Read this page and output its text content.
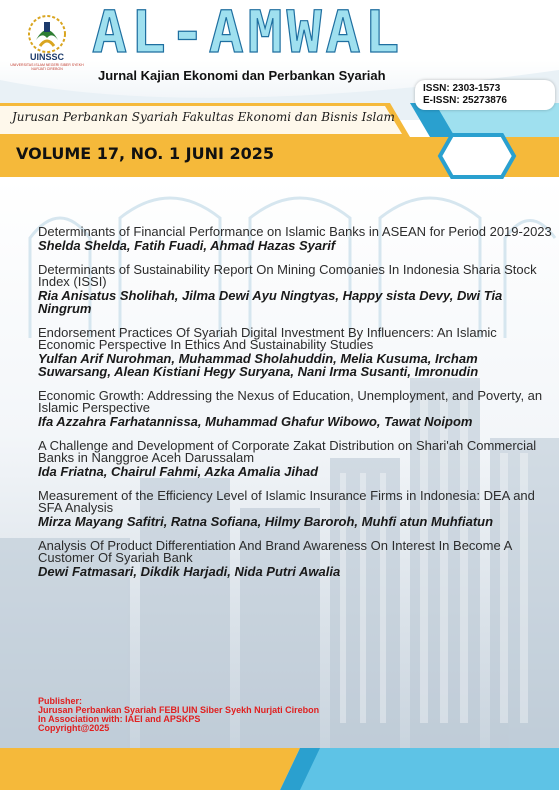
UINSSC
UNIVERSITAS ISLAM NEGERI SIBER SYEKH NURJATI CIREBON
AL-AMWAL
Jurnal Kajian Ekonomi dan Perbankan Syariah
ISSN: 2303-1573
E-ISSN: 25273876
Jurusan Perbankan Syariah Fakultas Ekonomi dan Bisnis Islam
VOLUME 17, NO. 1 JUNI 2025
Determinants of Financial Performance on Islamic Banks in ASEAN for Period 2019-2023
Shelda Shelda, Fatih Fuadi, Ahmad Hazas Syarif
Determinants of Sustainability Report On Mining Comoanies In Indonesia Sharia Stock Index (ISSI)
Ria Anisatus Sholihah, Jilma Dewi Ayu Ningtyas, Happy sista Devy, Dwi Tia Ningrum
Endorsement Practices Of Syariah Digital Investment By Influencers: An Islamic Economic Perspective In Ethics And Sustainability Studies
Yulfan Arif Nurohman, Muhammad Sholahuddin, Melia Kusuma, Ircham Suwarsang, Alean Kistiani Hegy Suryana, Nani Irma Susanti, Imronudin
Economic Growth: Addressing the Nexus of Education, Unemployment, and Poverty, an Islamic Perspective
Ifa Azzahra Farhatannissa, Muhammad Ghafur Wibowo, Tawat Noipom
A Challenge and Development of Corporate Zakat Distribution on Shari'ah Commercial Banks in Nanggroe Aceh Darussalam
Ida Friatna, Chairul Fahmi, Azka Amalia Jihad
Measurement of the Efficiency Level of Islamic Insurance Firms in Indonesia: DEA and SFA Analysis
Mirza Mayang Safitri, Ratna Sofiana, Hilmy Baroroh, Muhfi atun Muhfiatun
Analysis Of Product Differentiation And Brand Awareness On Interest In Become A Customer Of Syariah Bank
Dewi Fatmasari, Dikdik Harjadi, Nida Putri Awalia
Publisher:
Jurusan Perbankan Syariah FEBI UIN Siber Syekh Nurjati Cirebon
In Association with: IAEI and APSKPS
Copyright@2025
